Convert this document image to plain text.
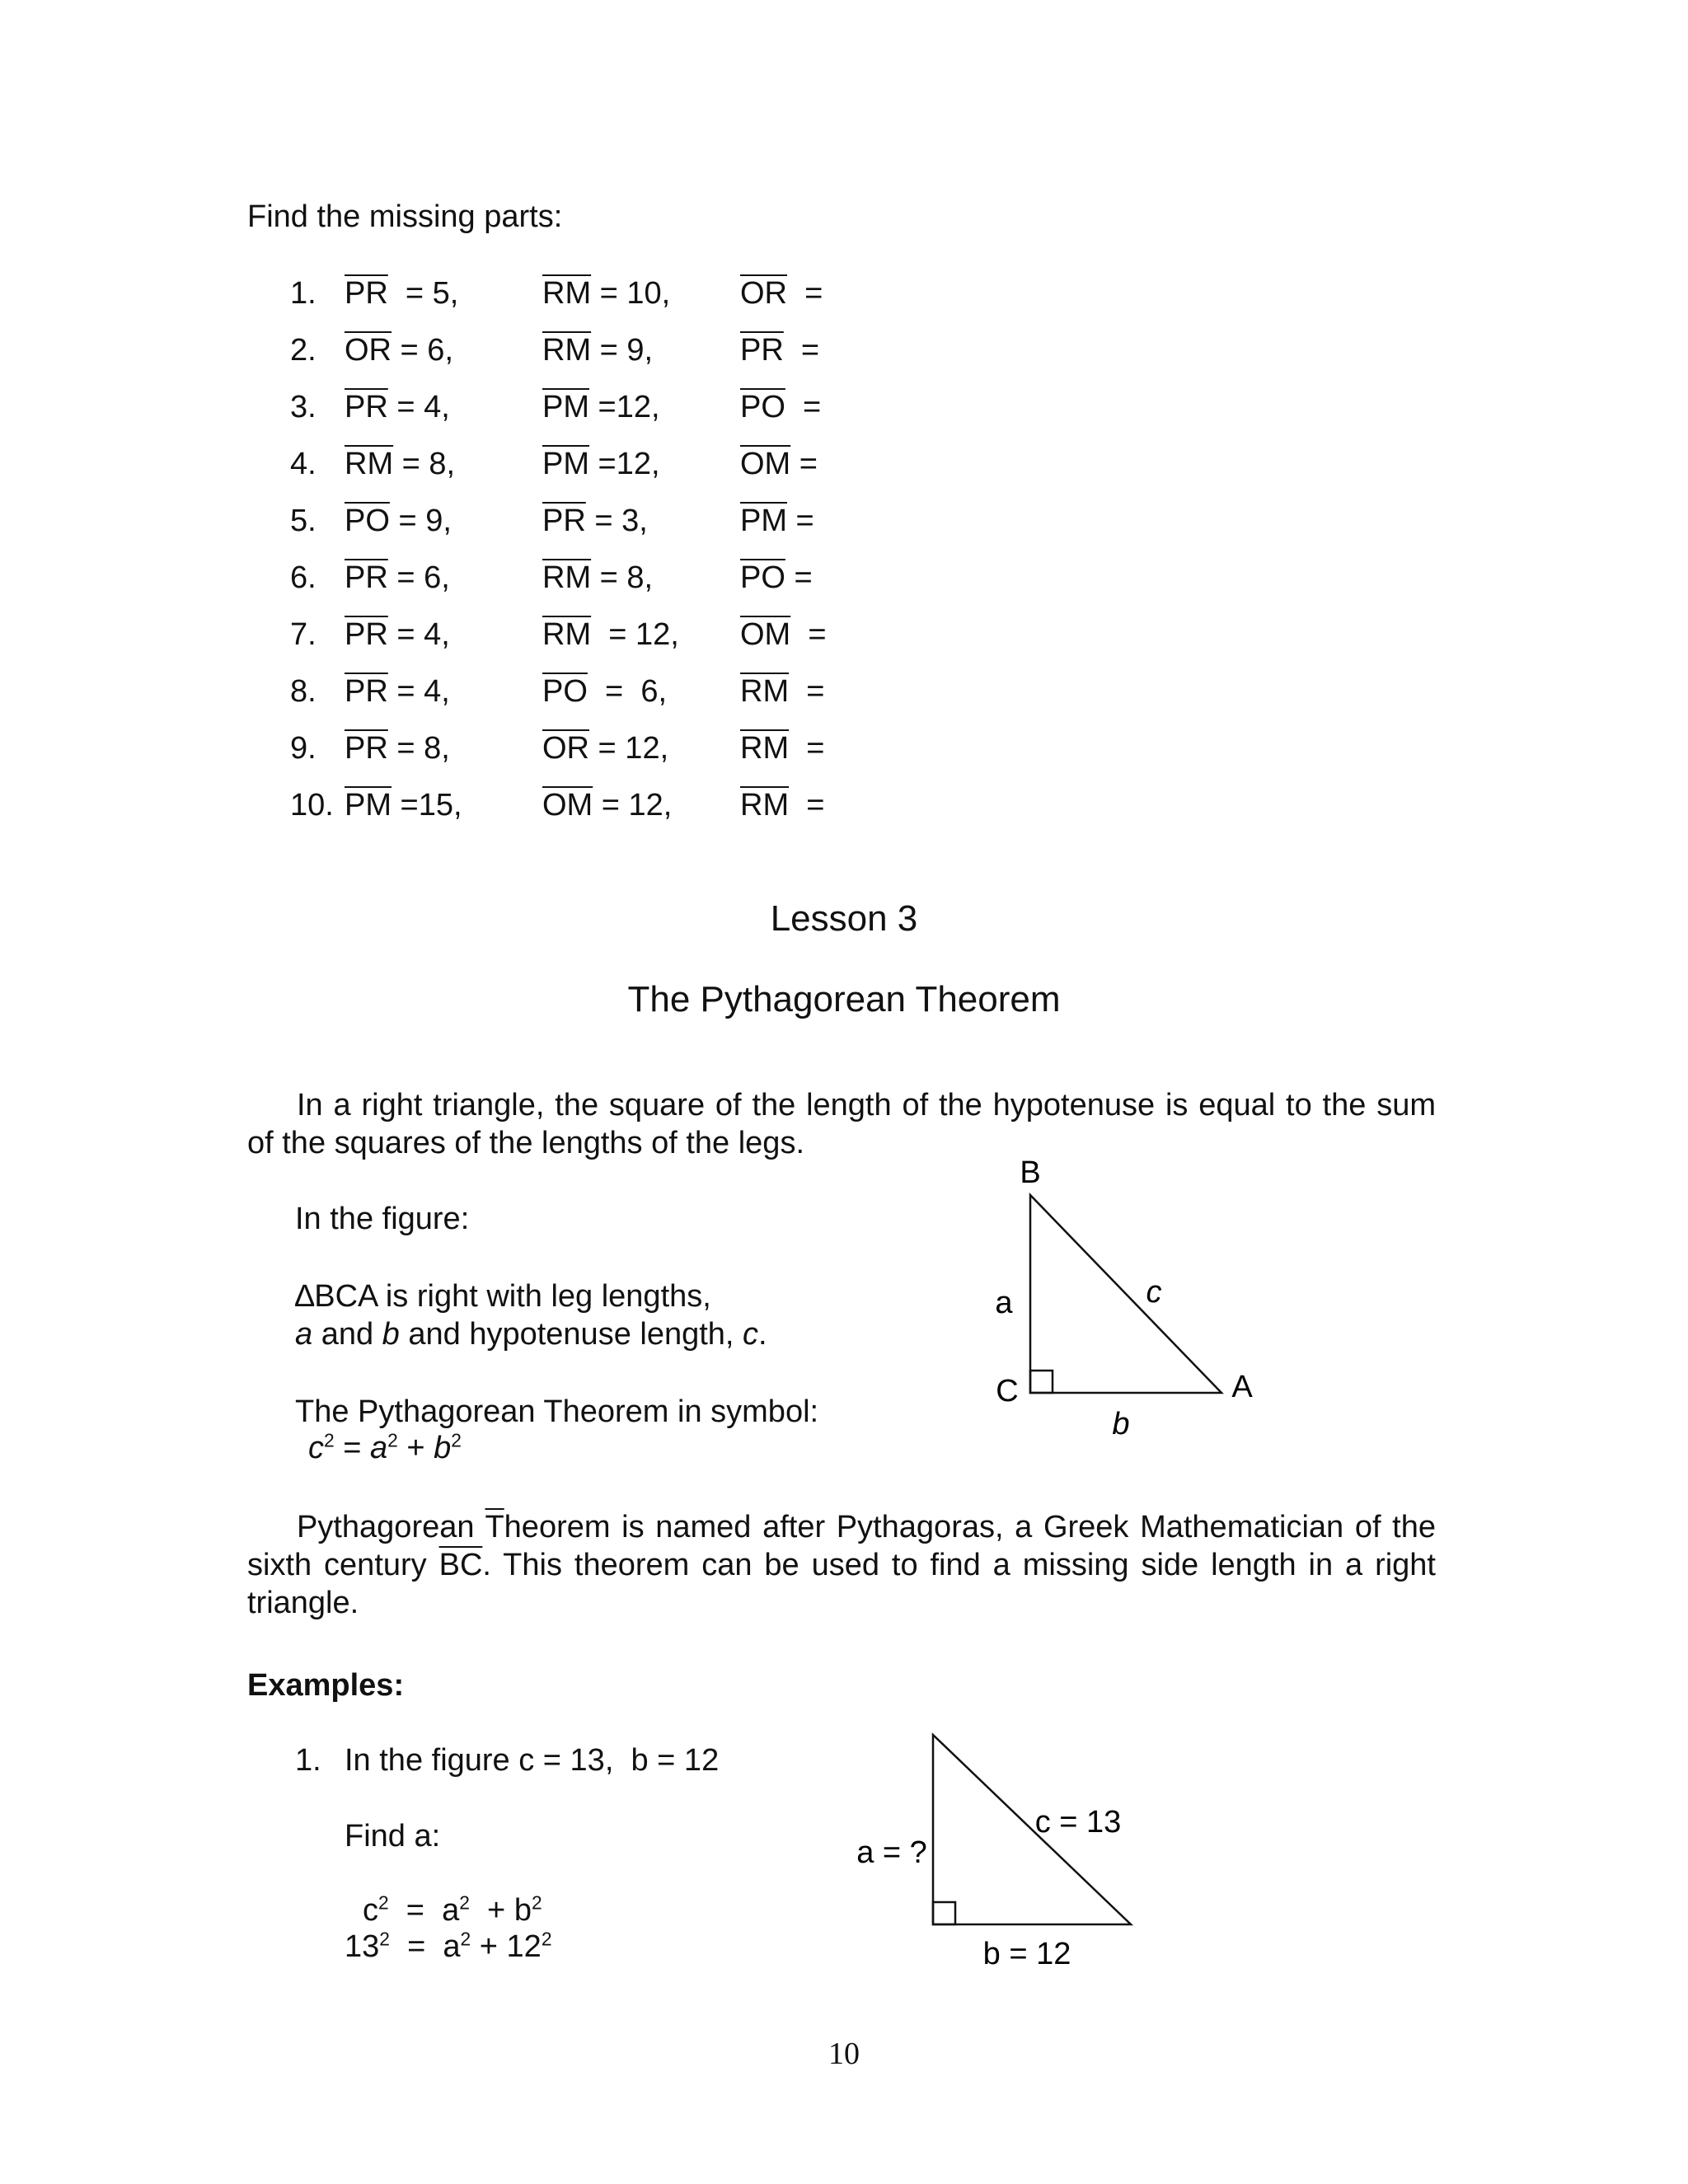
Find the missing parts:
1. $\overline{PR} = 5$,	$\overline{RM} = 10$, $\overline{OR}$  =
2. $\overline{OR} = 6$,	$\overline{RM} = 9$,	$\overline{PR}$  =
3. $\overline{PR} = 4$,	$\overline{PM} =12$,	$\overline{PO}$  =
4. $\overline{RM} = 8$,	$\overline{PM} =12$,	$\overline{OM}$ =
5. $\overline{PO} = 9$,	$\overline{PR} = 3$,	$\overline{PM}$ =
6. $\overline{PR} = 6$,	$\overline{RM} = 8$,	$\overline{PO}$ =
7. $\overline{PR} = 4$,	$\overline{RM} = 12$, $\overline{OM}$  =
8. $\overline{PR} = 4$,	$\overline{PO} = 6$, $\overline{RM}$  =
9. $\overline{PR} = 8$,	$\overline{OR} = 12$, $\overline{RM}$  =
10. $\overline{PM} =15$,	$\overline{OM} = 12$, $\overline{RM}$  =
Lesson 3
The Pythagorean Theorem
In a right triangle, the square of the length of the hypotenuse is equal to the sum of the squares of the lengths of the legs.
In the figure:
∆BCA is right with leg lengths,
a and b and hypotenuse length, c.
The Pythagorean Theorem in symbol:
$c^2 = a^2 + b^2$
B
C	A
a	c
b
Pythagorean $\overline{T}heorem$ is named after Pythagoras, a Greek Mathematician of the sixth century $\overline{BC}$. This theorem can be used to find a missing side length in a right triangle.
Examples:
1. In the figure c = 13,  b = 12
Find a:
$c^2 = a^2 + b^2$
$13^2 = a^2 + 12^2$
a = ?
c = 13
b = 12
10
